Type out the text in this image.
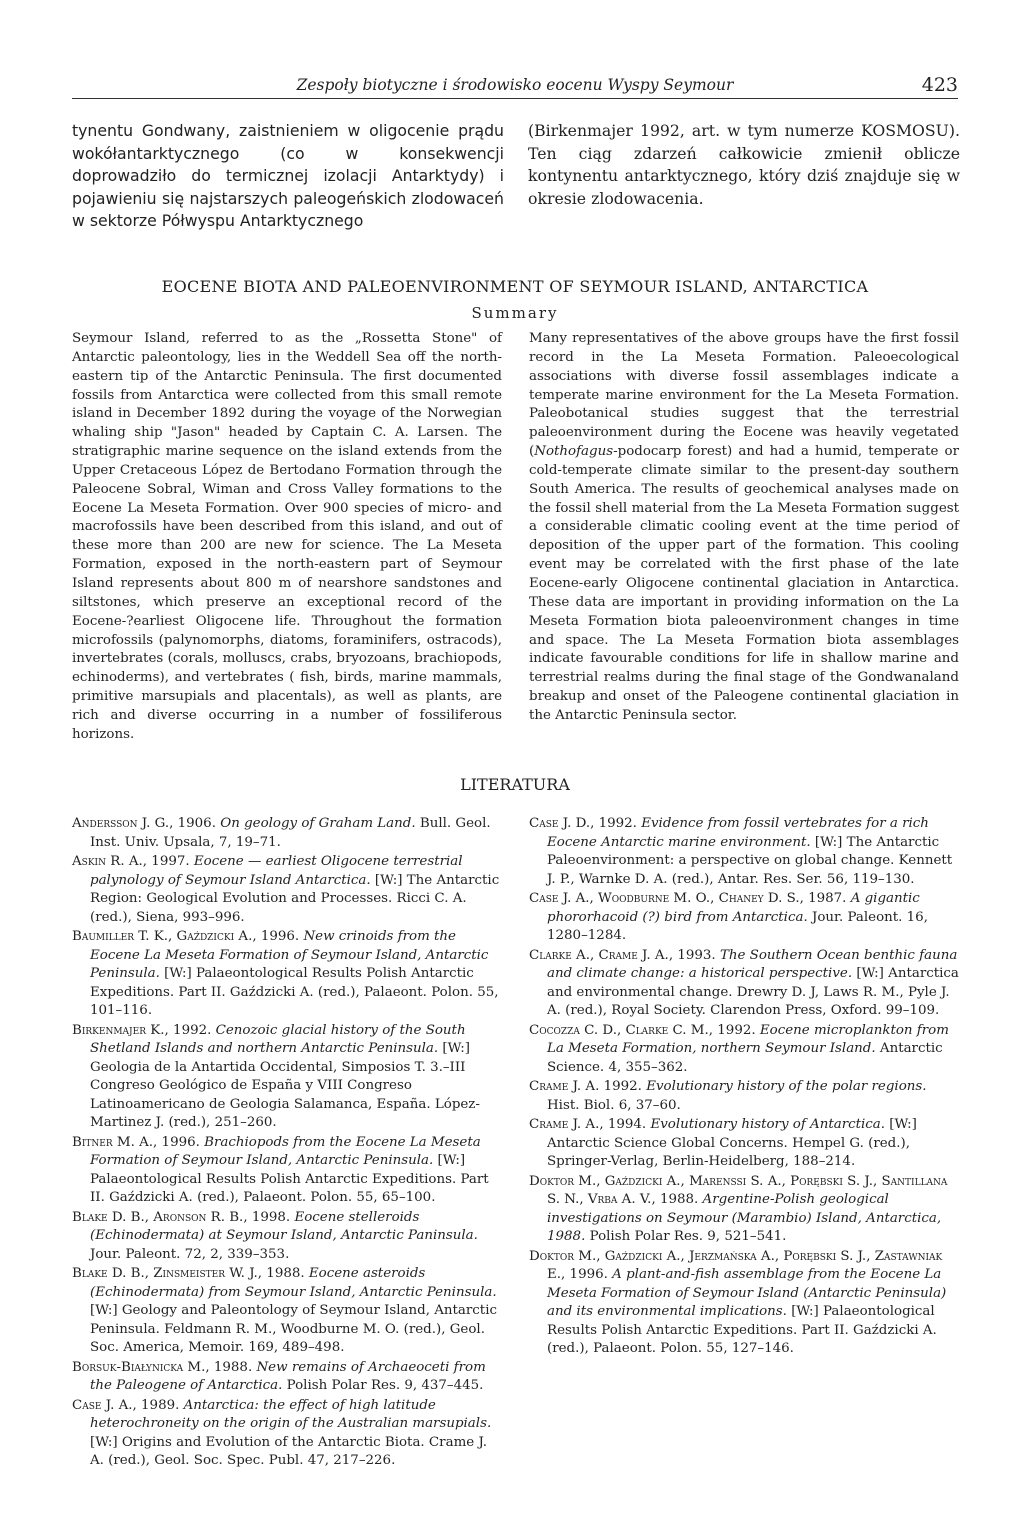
Zespoły biotyczne i środowisko eocenu Wyspy Seymour	423

tynentu Gondwany, zaistnieniem w oligocenie prądu wokółantarktycznego (co w konsekwencji doprowadziło do termicznej izolacji Antarktydy) i pojawieniu się najstarszych paleogeńskich zlodowaceń w sektorze Półwyspu Antarktycznego

(Birkenmajer 1992, art. w tym numerze KOSMOSU). Ten ciąg zdarzeń całkowicie zmienił oblicze kontynentu antarktycznego, który dziś znajduje się w okresie zlodowacenia.

EOCENE BIOTA AND PALEOENVIRONMENT OF SEYMOUR ISLAND, ANTARCTICA
Summary

Seymour Island, referred to as the „Rossetta Stone" of Antarctic paleontology, lies in the Weddell Sea off the north-eastern tip of the Antarctic Peninsula. The first documented fossils from Antarctica were collected from this small remote island in December 1892 during the voyage of the Norwegian whaling ship "Jason" headed by Captain C. A. Larsen. The stratigraphic marine sequence on the island extends from the Upper Cretaceous López de Bertodano Formation through the Paleocene Sobral, Wiman and Cross Valley formations to the Eocene La Meseta Formation. Over 900 species of micro- and macrofossils have been described from this island, and out of these more than 200 are new for science. The La Meseta Formation, exposed in the north-eastern part of Seymour Island represents about 800 m of nearshore sandstones and siltstones, which preserve an exceptional record of the Eocene-?earliest Oligocene life. Throughout the formation microfossils (palynomorphs, diatoms, foraminifers, ostracods), invertebrates (corals, molluscs, crabs, bryozoans, brachiopods, echinoderms), and vertebrates ( fish, birds, marine mammals, primitive marsupials and placentals), as well as plants, are rich and diverse occurring in a number of fossiliferous horizons.

Many representatives of the above groups have the first fossil record in the La Meseta Formation. Paleoecological associations with diverse fossil assemblages indicate a temperate marine environment for the La Meseta Formation. Paleobotanical studies suggest that the terrestrial paleoenvironment during the Eocene was heavily vegetated (Nothofagus-podocarp forest) and had a humid, temperate or cold-temperate climate similar to the present-day southern South America. The results of geochemical analyses made on the fossil shell material from the La Meseta Formation suggest a considerable climatic cooling event at the time period of deposition of the upper part of the formation. This cooling event may be correlated with the first phase of the late Eocene-early Oligocene continental glaciation in Antarctica. These data are important in providing information on the La Meseta Formation biota paleoenvironment changes in time and space. The La Meseta Formation biota assemblages indicate favourable conditions for life in shallow marine and terrestrial realms during the final stage of the Gondwanaland breakup and onset of the Paleogene continental glaciation in the Antarctic Peninsula sector.

LITERATURA

Andersson J. G., 1906. On geology of Graham Land. Bull. Geol. Inst. Univ. Upsala, 7, 19–71.

Askin R. A., 1997. Eocene — earliest Oligocene terrestrial palynology of Seymour Island Antarctica. [W:] The Antarctic Region: Geological Evolution and Processes. Ricci C. A. (red.), Siena, 993–996.

Baumiller T. K., Gaździcki A., 1996. New crinoids from the Eocene La Meseta Formation of Seymour Island, Antarctic Peninsula. [W:] Palaeontological Results Polish Antarctic Expeditions. Part II. Gaździcki A. (red.), Palaeont. Polon. 55, 101–116.

Birkenmajer K., 1992. Cenozoic glacial history of the South Shetland Islands and northern Antarctic Peninsula. [W:] Geologia de la Antartida Occidental, Simposios T. 3.–III Congreso Geológico de España y VIII Congreso Latinoamericano de Geologia Salamanca, España. López-Martinez J. (red.), 251–260.

Bitner M. A., 1996. Brachiopods from the Eocene La Meseta Formation of Seymour Island, Antarctic Peninsula. [W:] Palaeontological Results Polish Antarctic Expeditions. Part II. Gaździcki A. (red.), Palaeont. Polon. 55, 65–100.

Blake D. B., Aronson R. B., 1998. Eocene stelleroids (Echinodermata) at Seymour Island, Antarctic Paninsula. Jour. Paleont. 72, 2, 339–353.

Blake D. B., Zinsmeister W. J., 1988. Eocene asteroids (Echinodermata) from Seymour Island, Antarctic Peninsula. [W:] Geology and Paleontology of Seymour Island, Antarctic Peninsula. Feldmann R. M., Woodburne M. O. (red.), Geol. Soc. America, Memoir. 169, 489–498.

Borsuk-Białynicka M., 1988. New remains of Archaeoceti from the Paleogene of Antarctica. Polish Polar Res. 9, 437–445.

Case J. A., 1989. Antarctica: the effect of high latitude heterochroneity on the origin of the Australian marsupials. [W:] Origins and Evolution of the Antarctic Biota. Crame J. A. (red.), Geol. Soc. Spec. Publ. 47, 217–226.

Case J. D., 1992. Evidence from fossil vertebrates for a rich Eocene Antarctic marine environment. [W:] The Antarctic Paleoenvironment: a perspective on global change. Kennett J. P., Warnke D. A. (red.), Antar. Res. Ser. 56, 119–130.

Case J. A., Woodburne M. O., Chaney D. S., 1987. A gigantic phororhacoid (?) bird from Antarctica. Jour. Paleont. 16, 1280–1284.

Clarke A., Crame J. A., 1993. The Southern Ocean benthic fauna and climate change: a historical perspective. [W:] Antarctica and environmental change. Drewry D. J, Laws R. M., Pyle J. A. (red.), Royal Society. Clarendon Press, Oxford. 99–109.

Cocozza C. D., Clarke C. M., 1992. Eocene microplankton from La Meseta Formation, northern Seymour Island. Antarctic Science. 4, 355–362.

Crame J. A. 1992. Evolutionary history of the polar regions. Hist. Biol. 6, 37–60.

Crame J. A., 1994. Evolutionary history of Antarctica. [W:] Antarctic Science Global Concerns. Hempel G. (red.), Springer-Verlag, Berlin-Heidelberg, 188–214.

Doktor M., Gaździcki A., Marenssi S. A., Porębski S. J., Santillana S. N., Vrba A. V., 1988. Argentine-Polish geological investigations on Seymour (Marambio) Island, Antarctica, 1988. Polish Polar Res. 9, 521–541.

Doktor M., Gaździcki A., Jerzmańska A., Porębski S. J., Zastawniak E., 1996. A plant-and-fish assemblage from the Eocene La Meseta Formation of Seymour Island (Antarctic Peninsula) and its environmental implications. [W:] Palaeontological Results Polish Antarctic Expeditions. Part II. Gaździcki A. (red.), Palaeont. Polon. 55, 127–146.
